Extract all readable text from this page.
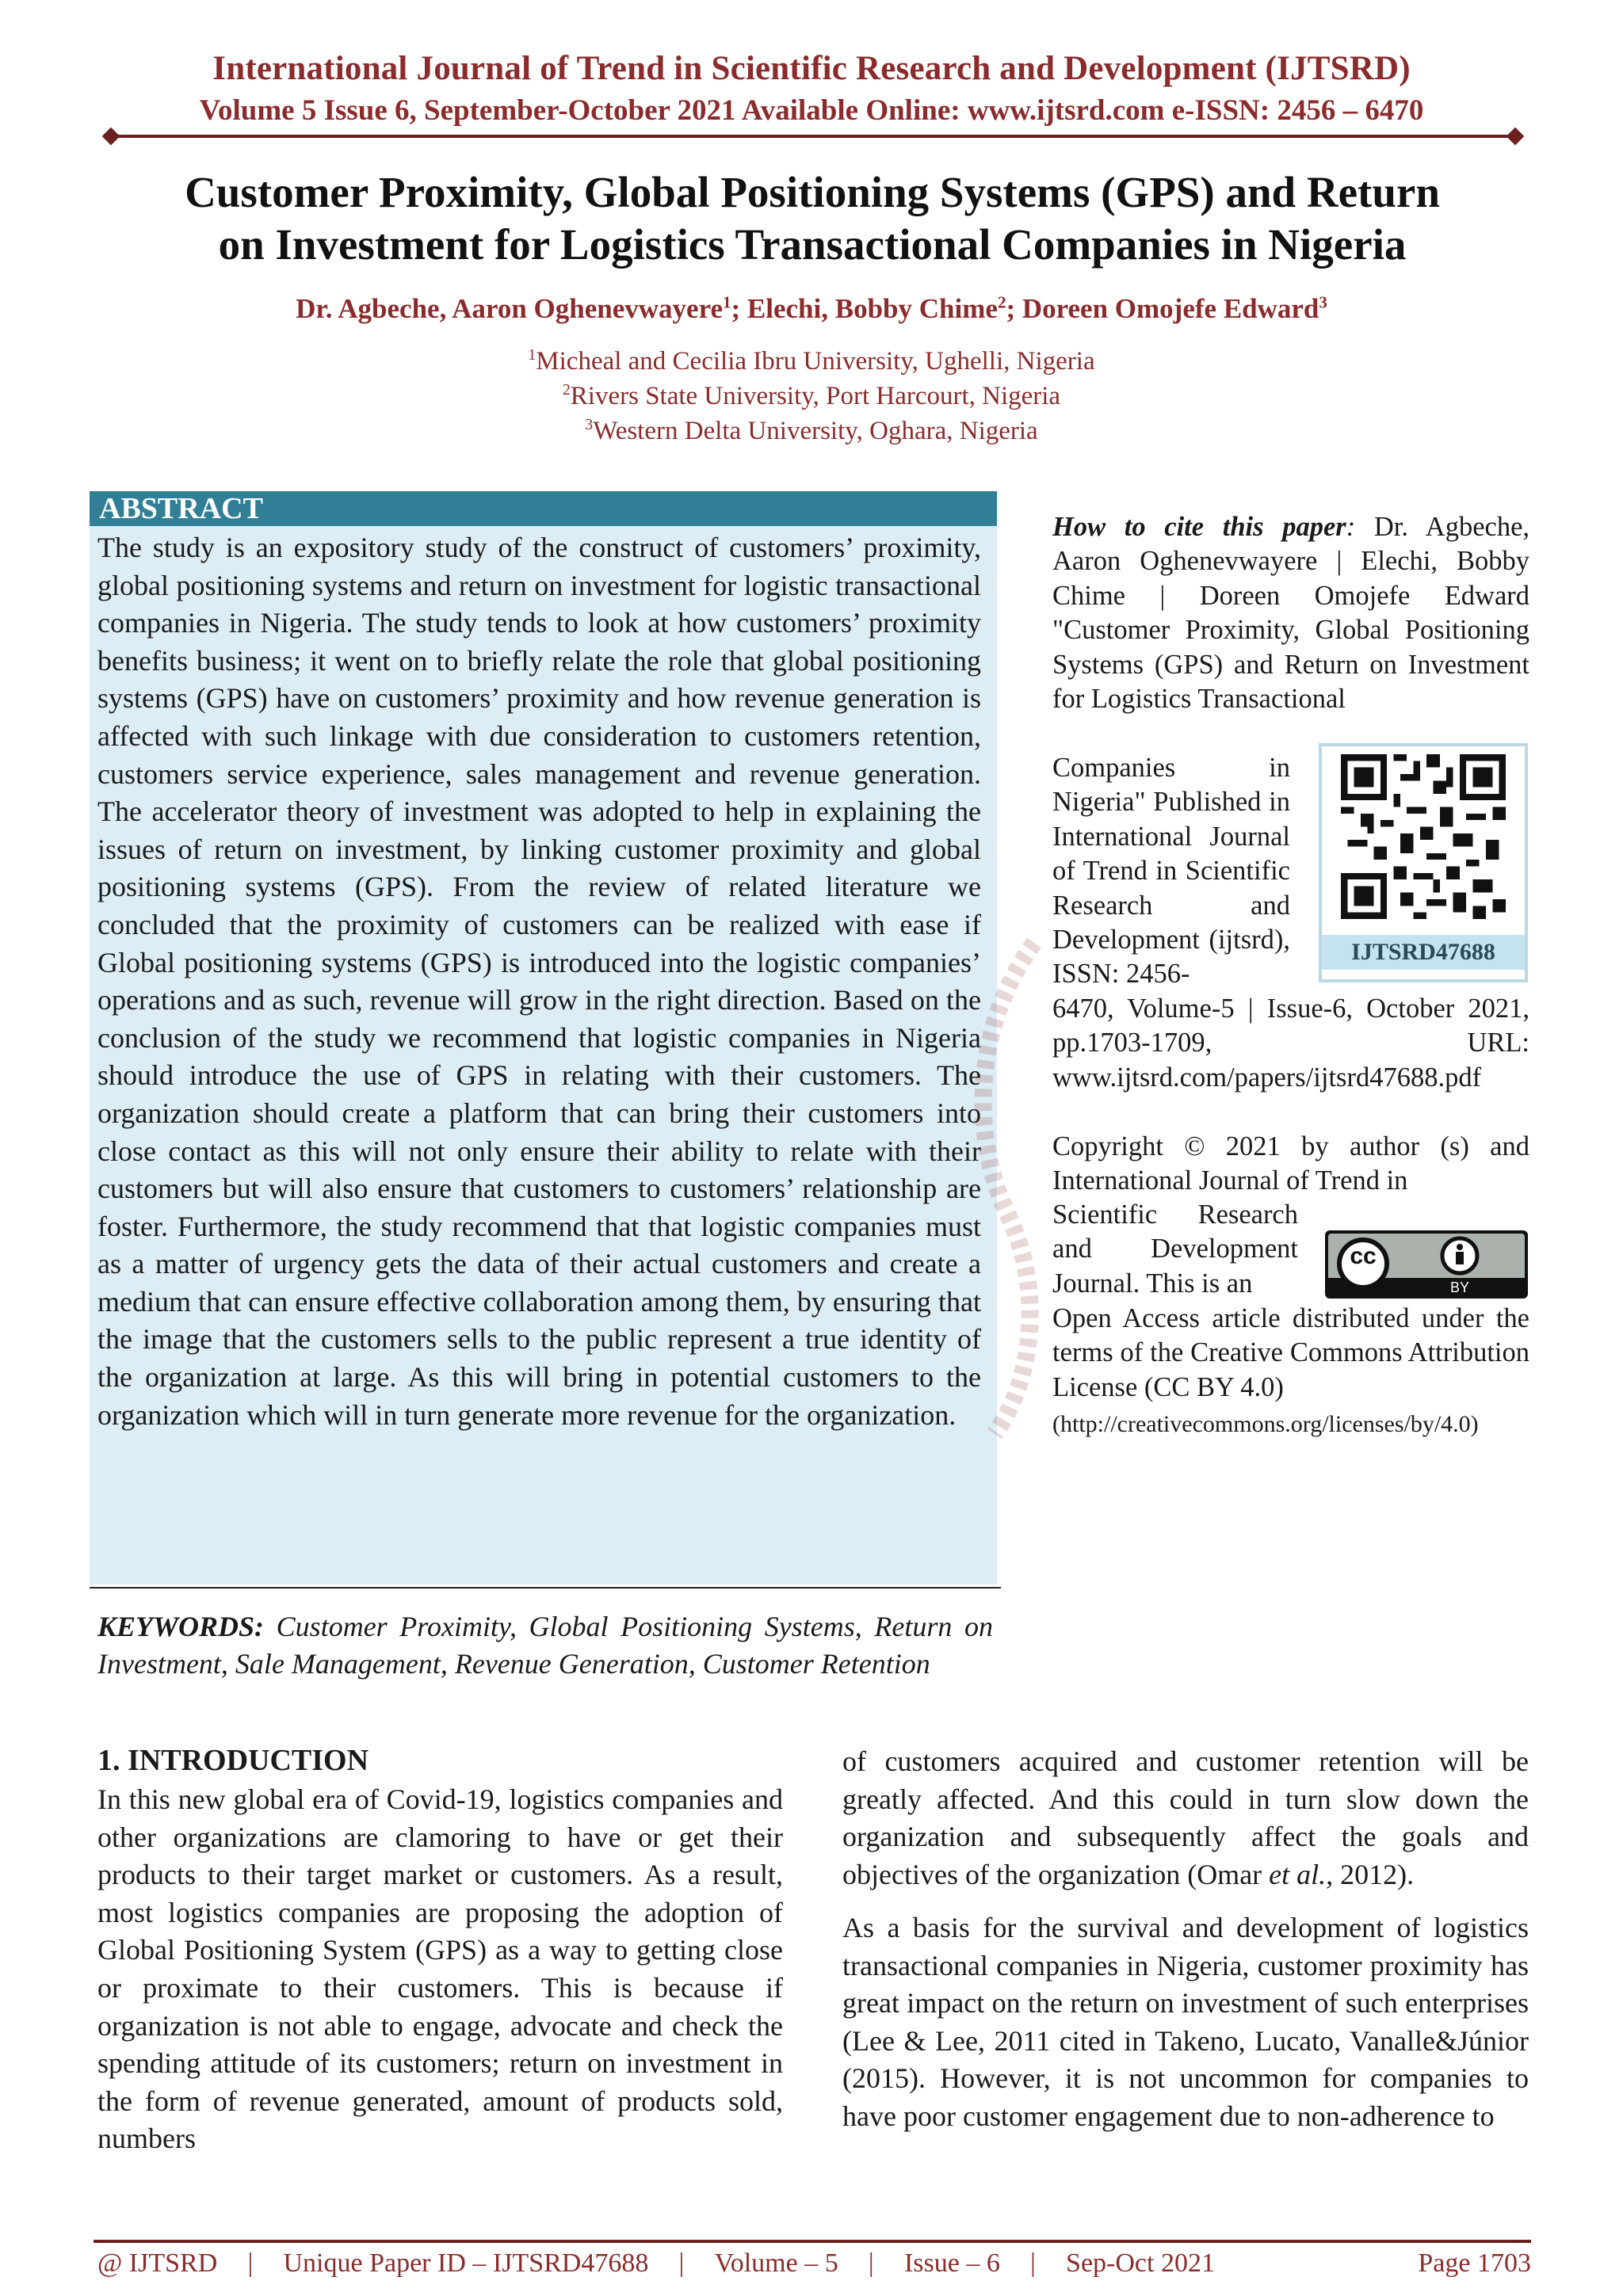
International Journal of Trend in Scientific Research and Development (IJTSRD)
Volume 5 Issue 6, September-October 2021 Available Online: www.ijtsrd.com e-ISSN: 2456 – 6470
Customer Proximity, Global Positioning Systems (GPS) and Return
on Investment for Logistics Transactional Companies in Nigeria
Dr. Agbeche, Aaron Oghenevwayere$^1$; Elechi, Bobby Chime$^2$; Doreen Omojefe Edward$^3$
$^1$Micheal and Cecilia Ibru University, Ughelli, Nigeria
$^2$Rivers State University, Port Harcourt, Nigeria
$^3$Western Delta University, Oghara, Nigeria
ABSTRACT
The study is an expository study of the construct of customers’ proximity, global positioning systems and return on investment for logistic transactional companies in Nigeria. The study tends to look at how customers’ proximity benefits business; it went on to briefly relate the role that global positioning systems (GPS) have on customers’ proximity and how revenue generation is affected with such linkage with due consideration to customers retention, customers service experience, sales management and revenue generation. The accelerator theory of investment was adopted to help in explaining the issues of return on investment, by linking customer proximity and global positioning systems (GPS). From the review of related literature we concluded that the proximity of customers can be realized with ease if Global positioning systems (GPS) is introduced into the logistic companies’ operations and as such, revenue will grow in the right direction. Based on the conclusion of the study we recommend that logistic companies in Nigeria should introduce the use of GPS in relating with their customers. The organization should create a platform that can bring their customers into close contact as this will not only ensure their ability to relate with their customers but will also ensure that customers to customers’ relationship are foster. Furthermore, the study recommend that that logistic companies must as a matter of urgency gets the data of their actual customers and create a medium that can ensure effective collaboration among them, by ensuring that the image that the customers sells to the public represent a true identity of the organization at large. As this will bring in potential customers to the organization which will in turn generate more revenue for the organization.
KEYWORDS: Customer Proximity, Global Positioning Systems, Return on Investment, Sale Management, Revenue Generation, Customer Retention
How to cite this paper: Dr. Agbeche, Aaron Oghenevwayere | Elechi, Bobby Chime | Doreen Omojefe Edward "Customer Proximity, Global Positioning Systems (GPS) and Return on Investment for Logistics Transactional
Companies in Nigeria" Published in International Journal of Trend in Scientific Research and Development (ijtsrd), ISSN: 2456-
6470, Volume-5 | Issue-6, October 2021, pp.1703-1709, URL: www.ijtsrd.com/papers/ijtsrd47688.pdf
IJTSRD47688
Copyright © 2021 by author (s) and International Journal of Trend in
Scientific Research and Development Journal. This is an
Open Access article distributed under the terms of the Creative Commons Attribution License (CC BY 4.0)
(http://creativecommons.org/licenses/by/4.0)
cc
BY
1. INTRODUCTION
In this new global era of Covid-19, logistics companies and other organizations are clamoring to have or get their products to their target market or customers. As a result, most logistics companies are proposing the adoption of Global Positioning System (GPS) as a way to getting close or proximate to their customers. This is because if organization is not able to engage, advocate and check the spending attitude of its customers; return on investment in the form of revenue generated, amount of products sold, numbers
of customers acquired and customer retention will be greatly affected. And this could in turn slow down the organization and subsequently affect the goals and objectives of the organization (Omar et al., 2012).
As a basis for the survival and development of logistics transactional companies in Nigeria, customer proximity has great impact on the return on investment of such enterprises (Lee & Lee, 2011 cited in Takeno, Lucato, Vanalle&Júnior (2015). However, it is not uncommon for companies to have poor customer engagement due to non-adherence to
@ IJTSRD | Unique Paper ID – IJTSRD47688 | Volume – 5 | Issue – 6 | Sep-Oct 2021	Page 1703
